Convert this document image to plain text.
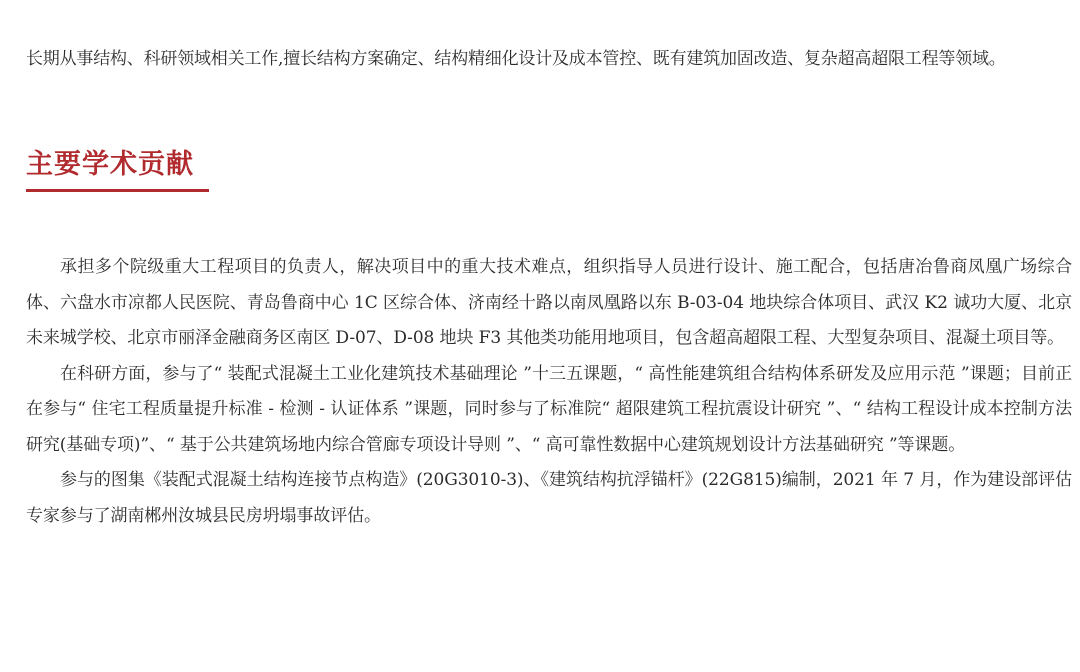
长期从事结构、科研领域相关工作,擅长结构方案确定、结构精细化设计及成本管控、既有建筑加固改造、复杂超高超限工程等领域。
主要学术贡献

承担多个院级重大工程项目的负责人，解决项目中的重大技术难点，组织指导人员进行设计、施工配合，包括唐冶鲁商凤凰广场综合体、六盘水市凉都人民医院、青岛鲁商中心 1C 区综合体、济南经十路以南凤凰路以东 B-03-04 地块综合体项目、武汉 K2 诚功大厦、北京未来城学校、北京市丽泽金融商务区南区 D-07、D-08 地块 F3 其他类功能用地项目，包含超高超限工程、大型复杂项目、混凝土项目等。

在科研方面，参与了“ 装配式混凝土工业化建筑技术基础理论 ”十三五课题，“ 高性能建筑组合结构体系研发及应用示范 ”课题；目前正在参与“ 住宅工程质量提升标准 - 检测 - 认证体系 ”课题，同时参与了标准院“ 超限建筑工程抗震设计研究 ”、“ 结构工程设计成本控制方法研究(基础专项)”、“ 基于公共建筑场地内综合管廊专项设计导则 ”、“ 高可靠性数据中心建筑规划设计方法基础研究 ”等课题。

参与的图集《装配式混凝土结构连接节点构造》(20G3010-3)、《建筑结构抗浮锚杆》(22G815)编制，2021 年 7 月，作为建设部评估专家参与了湖南郴州汝城县民房坍塌事故评估。
